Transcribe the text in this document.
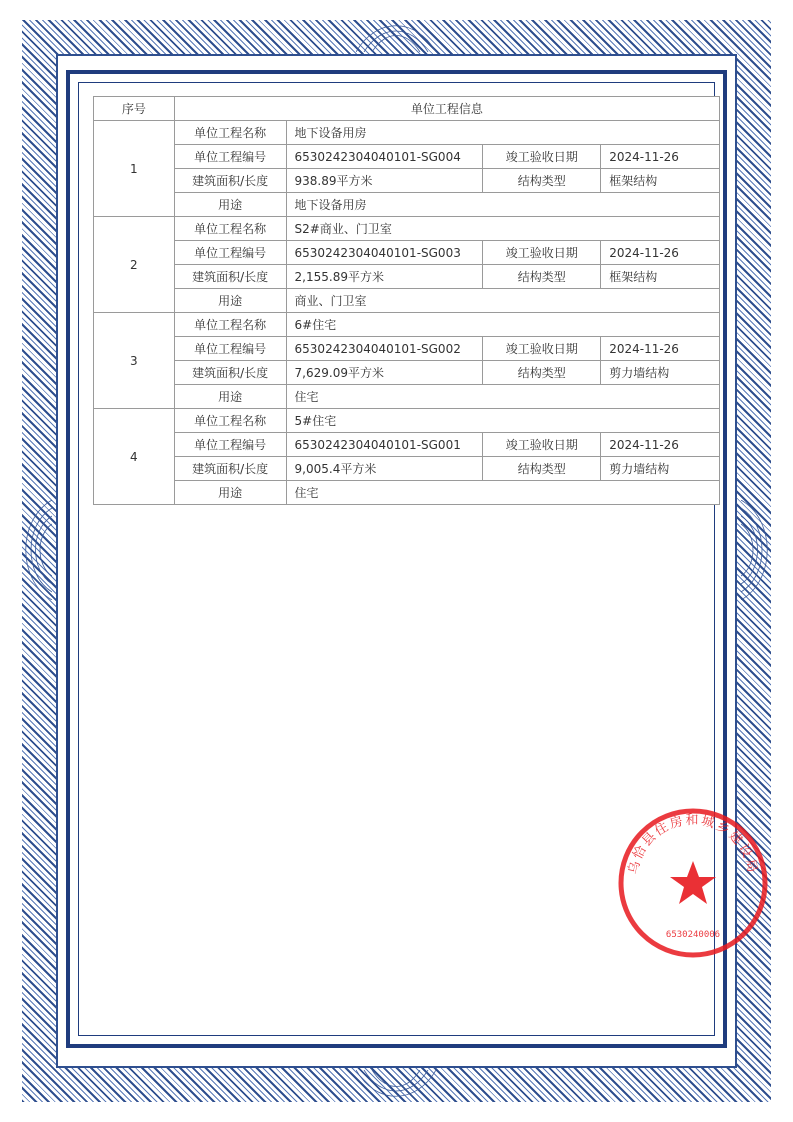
序号	单位工程信息			
1	单位工程名称	地下设备用房		
	单位工程编号	6530242304040101-SG004	竣工验收日期	2024-11-26
	建筑面积/长度	938.89平方米	结构类型	框架结构
	用途	地下设备用房		
2	单位工程名称	S2#商业、门卫室		
	单位工程编号	6530242304040101-SG003	竣工验收日期	2024-11-26
	建筑面积/长度	2,155.89平方米	结构类型	框架结构
	用途	商业、门卫室		
3	单位工程名称	6#住宅		
	单位工程编号	6530242304040101-SG002	竣工验收日期	2024-11-26
	建筑面积/长度	7,629.09平方米	结构类型	剪力墙结构
	用途	住宅		
4	单位工程名称	5#住宅		
	单位工程编号	6530242304040101-SG001	竣工验收日期	2024-11-26
	建筑面积/长度	9,005.4平方米	结构类型	剪力墙结构
	用途	住宅		
乌恰县住房和城乡建设局
6530240006
